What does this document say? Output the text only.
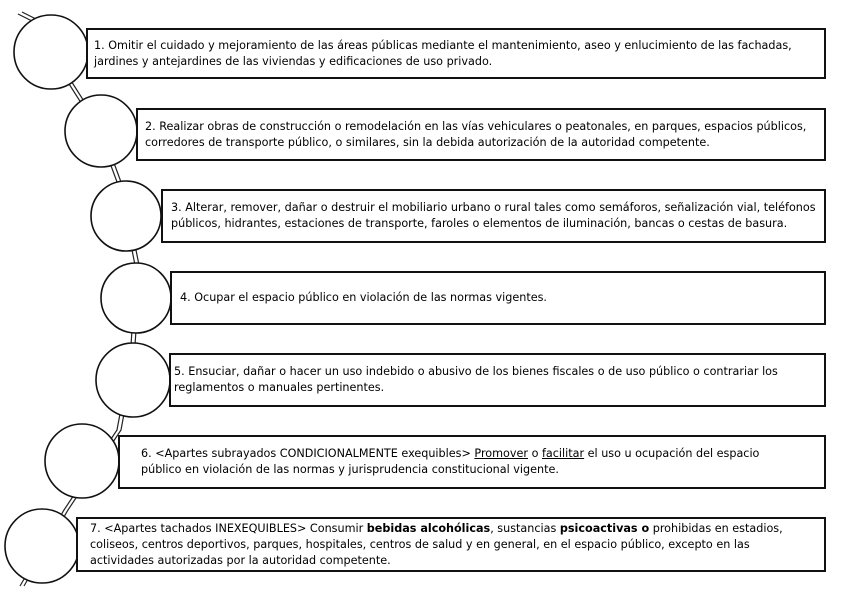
1. Omitir el cuidado y mejoramiento de las áreas públicas mediante el mantenimiento, aseo y enlucimiento de las fachadas, jardines y antejardines de las viviendas y edificaciones de uso privado.

2. Realizar obras de construcción o remodelación en las vías vehiculares o peatonales, en parques, espacios públicos, corredores de transporte público, o similares, sin la debida autorización de la autoridad competente.

3. Alterar, remover, dañar o destruir el mobiliario urbano o rural tales como semáforos, señalización vial, teléfonos públicos, hidrantes, estaciones de transporte, faroles o elementos de iluminación, bancas o cestas de basura.

4. Ocupar el espacio público en violación de las normas vigentes.

5. Ensuciar, dañar o hacer un uso indebido o abusivo de los bienes fiscales o de uso público o contrariar los reglamentos o manuales pertinentes.

6. <Apartes subrayados CONDICIONALMENTE exequibles> Promover o facilitar el uso u ocupación del espacio público en violación de las normas y jurisprudencia constitucional vigente.

7. <Apartes tachados INEXEQUIBLES> Consumir bebidas alcohólicas, sustancias psicoactivas o prohibidas en estadios, coliseos, centros deportivos, parques, hospitales, centros de salud y en general, en el espacio público, excepto en las actividades autorizadas por la autoridad competente.
